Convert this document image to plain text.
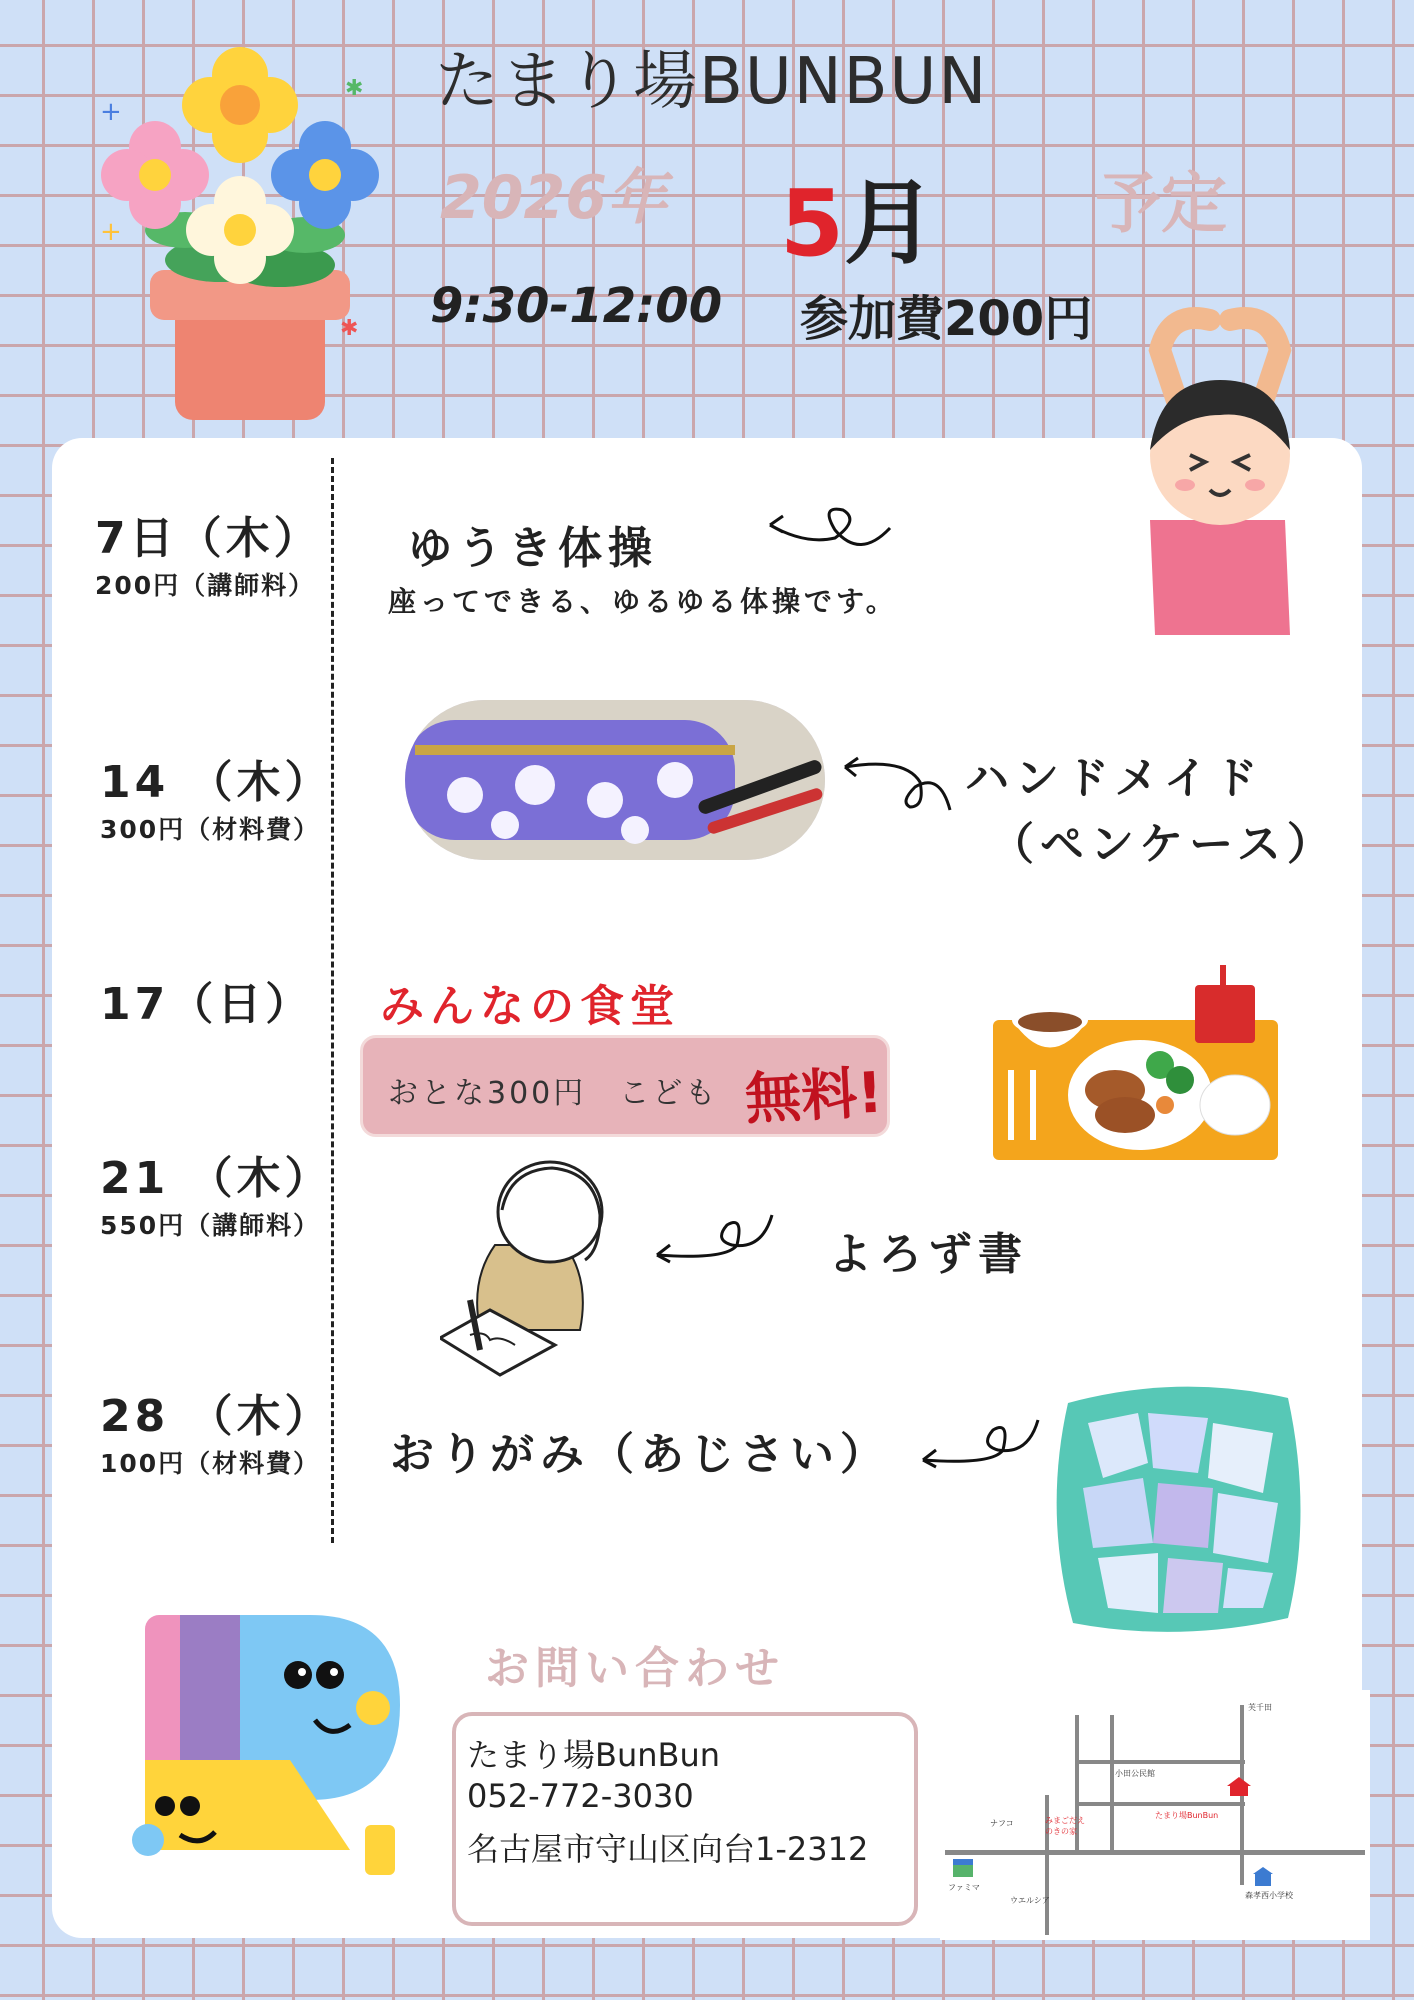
+
+
✱
✱
たまり場BUNBUN
2026年 5月 予定
9:30-12:00 参加費200円
7日（木）
200円（講師料）
ゆうき体操
座ってできる、ゆるゆる体操です。
14 （木）
300円（材料費）
ハンドメイド
（ペンケース）
17（日） みんなの食堂
おとな300円　こども 無料!
21 （木）
550円（講師料）
よろず書
28 （木）
100円（材料費） おりがみ（あじさい）
お問い合わせ
たまり場BunBun
052-772-3030
名古屋市守山区向台1-2312
ファミマ
ナフコ
ウエルシア
みまごだえのきの家
小田公民館
たまり場BunBun
森孝西小学校
芙千田
